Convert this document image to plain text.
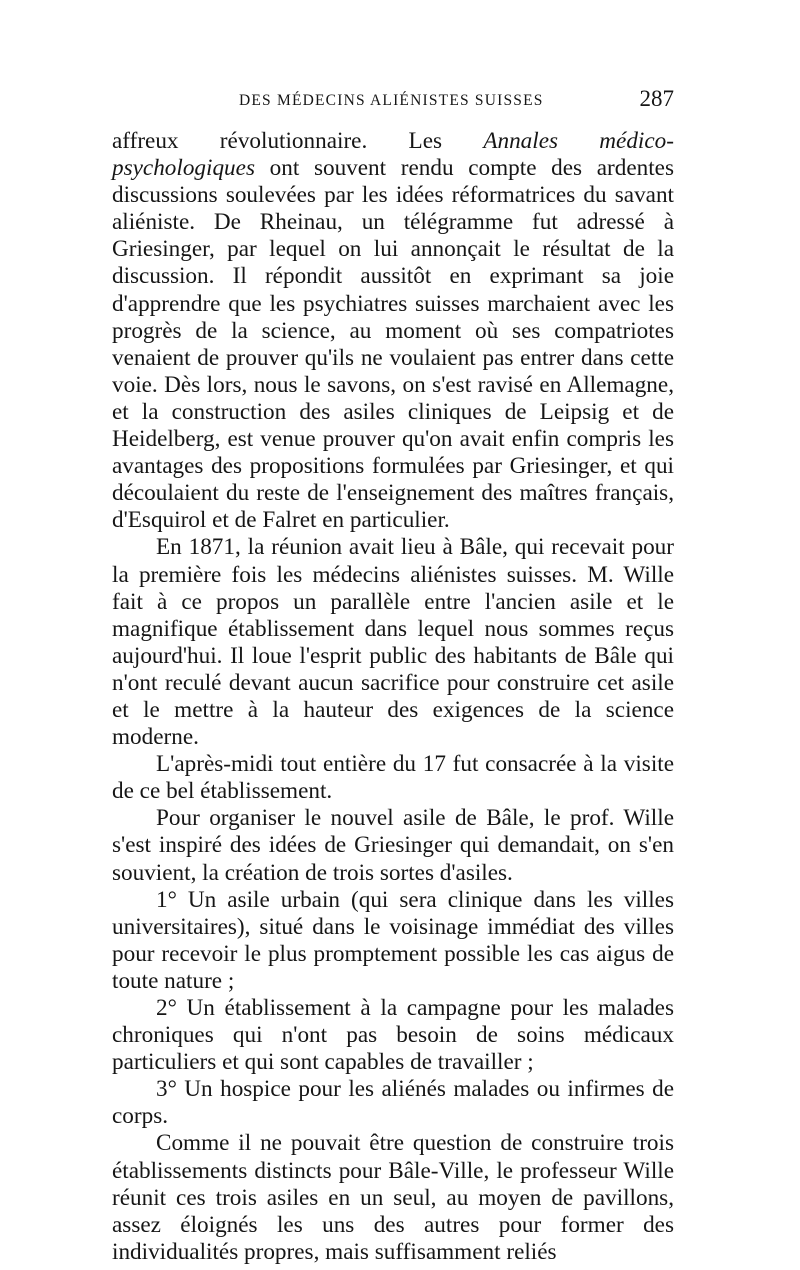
DES MÉDECINS ALIÉNISTES SUISSES	287

affreux révolutionnaire. Les Annales médico-psychologiques ont souvent rendu compte des ardentes discussions soulevées par les idées réformatrices du savant aliéniste. De Rheinau, un télégramme fut adressé à Griesinger, par lequel on lui annonçait le résultat de la discussion. Il répondit aussitôt en exprimant sa joie d'apprendre que les psychiatres suisses marchaient avec les progrès de la science, au moment où ses compatriotes venaient de prouver qu'ils ne voulaient pas entrer dans cette voie. Dès lors, nous le savons, on s'est ravisé en Allemagne, et la construction des asiles cliniques de Leipsig et de Heidelberg, est venue prouver qu'on avait enfin compris les avantages des propositions formulées par Griesinger, et qui découlaient du reste de l'enseignement des maîtres français, d'Esquirol et de Falret en particulier.

En 1871, la réunion avait lieu à Bâle, qui recevait pour la première fois les médecins aliénistes suisses. M. Wille fait à ce propos un parallèle entre l'ancien asile et le magnifique établissement dans lequel nous sommes reçus aujourd'hui. Il loue l'esprit public des habitants de Bâle qui n'ont reculé devant aucun sacrifice pour construire cet asile et le mettre à la hauteur des exigences de la science moderne.

L'après-midi tout entière du 17 fut consacrée à la visite de ce bel établissement.

Pour organiser le nouvel asile de Bâle, le prof. Wille s'est inspiré des idées de Griesinger qui demandait, on s'en souvient, la création de trois sortes d'asiles.

1° Un asile urbain (qui sera clinique dans les villes universitaires), situé dans le voisinage immédiat des villes pour recevoir le plus promptement possible les cas aigus de toute nature ;

2° Un établissement à la campagne pour les malades chroniques qui n'ont pas besoin de soins médicaux particuliers et qui sont capables de travailler ;

3° Un hospice pour les aliénés malades ou infirmes de corps.

Comme il ne pouvait être question de construire trois établissements distincts pour Bâle-Ville, le professeur Wille réunit ces trois asiles en un seul, au moyen de pavillons, assez éloignés les uns des autres pour former des individualités propres, mais suffisamment reliés
